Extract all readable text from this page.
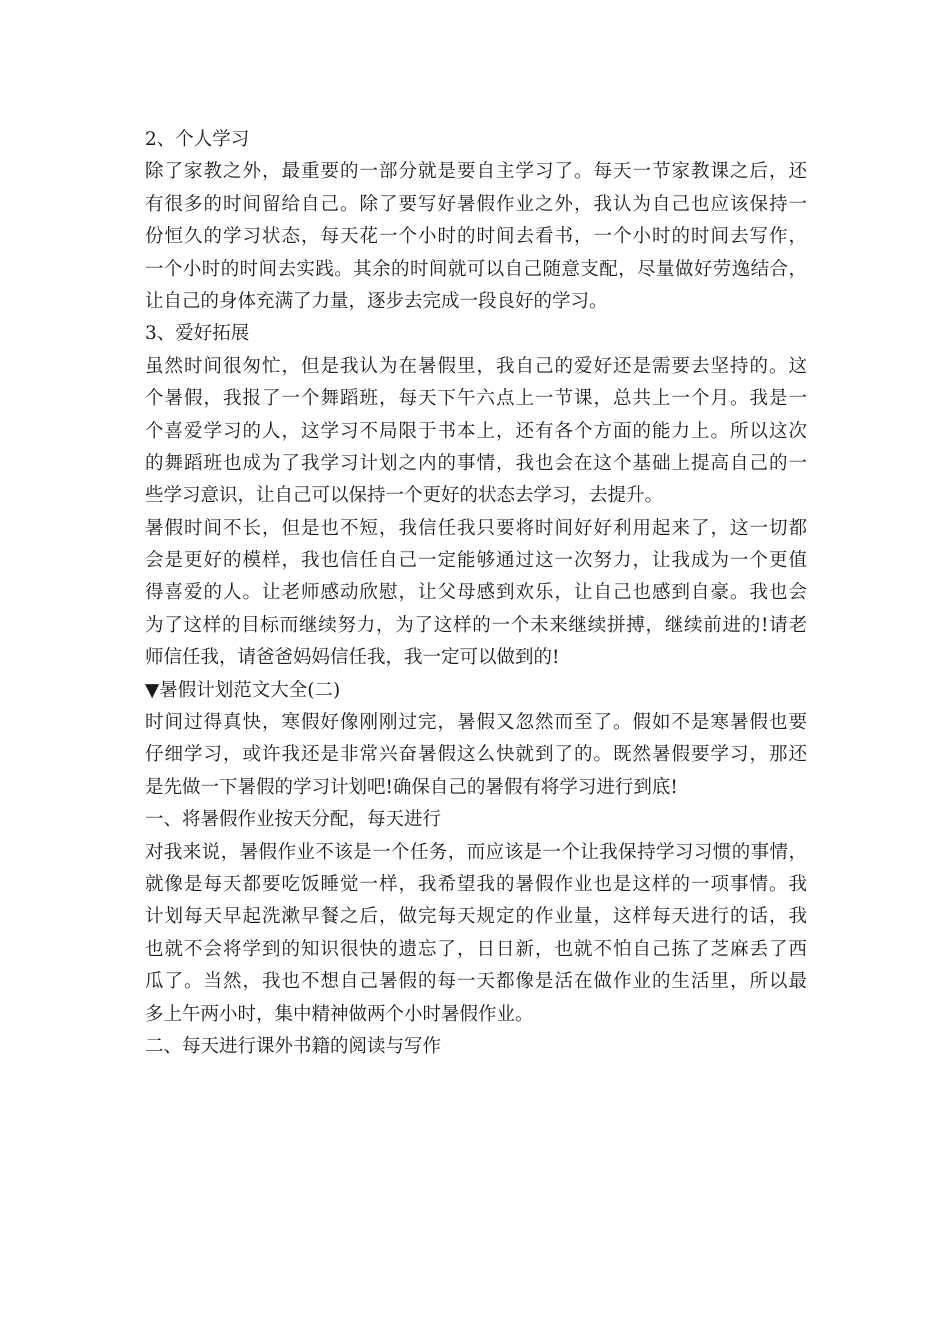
2、个人学习
除了家教之外，最重要的一部分就是要自主学习了。每天一节家教课之后，还
有很多的时间留给自己。除了要写好暑假作业之外，我认为自己也应该保持一
份恒久的学习状态，每天花一个小时的时间去看书，一个小时的时间去写作，
一个小时的时间去实践。其余的时间就可以自己随意支配，尽量做好劳逸结合，
让自己的身体充满了力量，逐步去完成一段良好的学习。
3、爱好拓展
虽然时间很匆忙，但是我认为在暑假里，我自己的爱好还是需要去坚持的。这
个暑假，我报了一个舞蹈班，每天下午六点上一节课，总共上一个月。我是一
个喜爱学习的人，这学习不局限于书本上，还有各个方面的能力上。所以这次
的舞蹈班也成为了我学习计划之内的事情，我也会在这个基础上提高自己的一
些学习意识，让自己可以保持一个更好的状态去学习，去提升。
暑假时间不长，但是也不短，我信任我只要将时间好好利用起来了，这一切都
会是更好的模样，我也信任自己一定能够通过这一次努力，让我成为一个更值
得喜爱的人。让老师感动欣慰，让父母感到欢乐，让自己也感到自豪。我也会
为了这样的目标而继续努力，为了这样的一个未来继续拼搏，继续前进的!请老
师信任我，请爸爸妈妈信任我，我一定可以做到的!
▼暑假计划范文大全(二)
时间过得真快，寒假好像刚刚过完，暑假又忽然而至了。假如不是寒暑假也要
仔细学习，或许我还是非常兴奋暑假这么快就到了的。既然暑假要学习，那还
是先做一下暑假的学习计划吧!确保自己的暑假有将学习进行到底!
一、将暑假作业按天分配，每天进行
对我来说，暑假作业不该是一个任务，而应该是一个让我保持学习习惯的事情，
就像是每天都要吃饭睡觉一样，我希望我的暑假作业也是这样的一项事情。我
计划每天早起洗漱早餐之后，做完每天规定的作业量，这样每天进行的话，我
也就不会将学到的知识很快的遗忘了，日日新，也就不怕自己拣了芝麻丢了西
瓜了。当然，我也不想自己暑假的每一天都像是活在做作业的生活里，所以最
多上午两小时，集中精神做两个小时暑假作业。
二、每天进行课外书籍的阅读与写作
